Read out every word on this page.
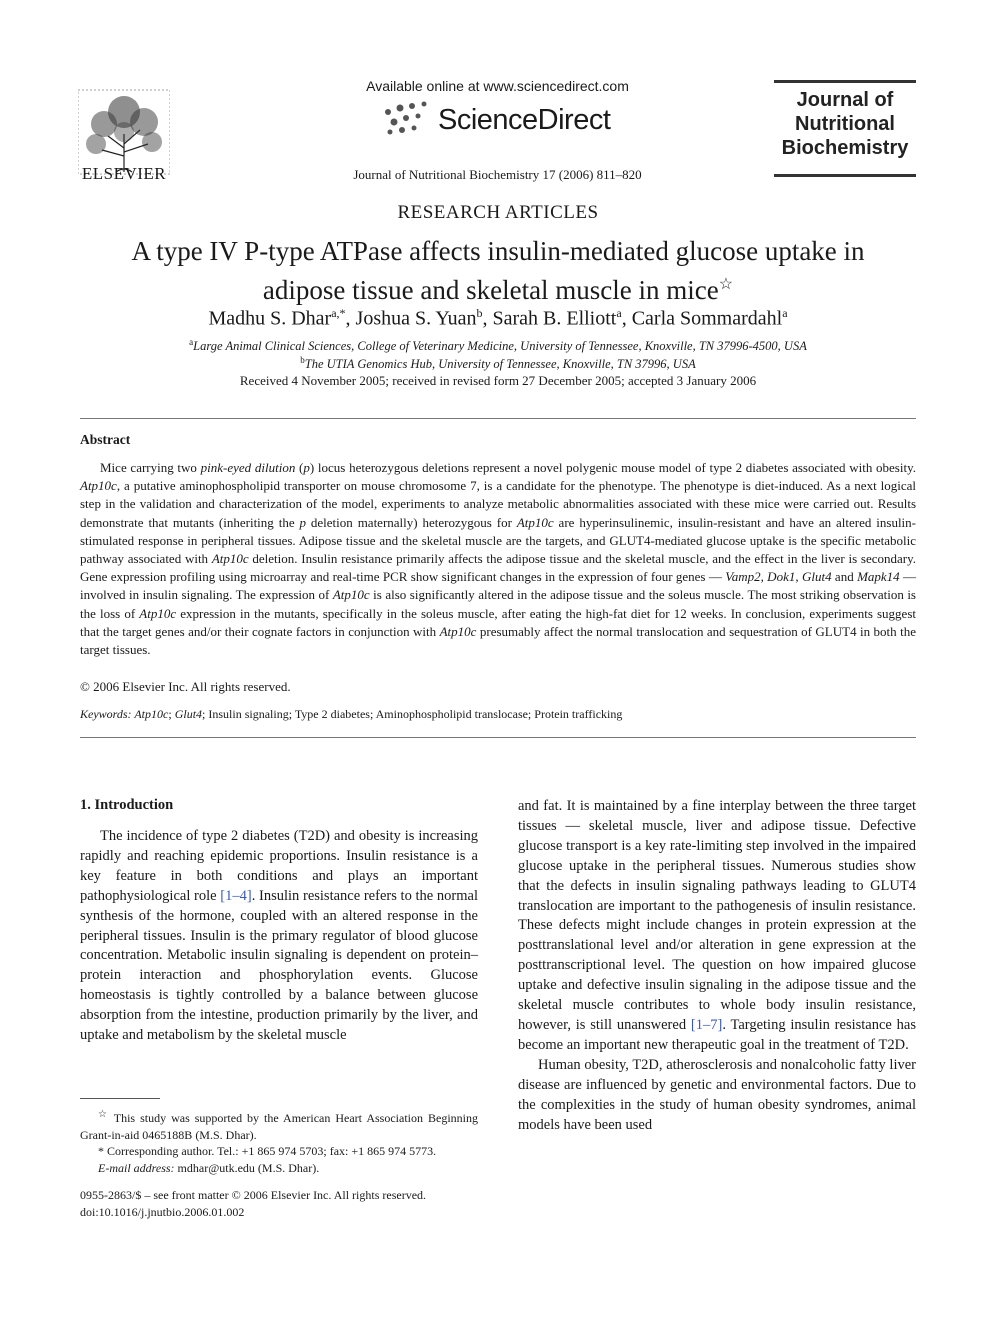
ELSEVIER
Available online at www.sciencedirect.com
ScienceDirect
Journal of Nutritional Biochemistry 17 (2006) 811–820
Journal of
Nutritional
Biochemistry
RESEARCH ARTICLES
A type IV P-type ATPase affects insulin-mediated glucose uptake in
adipose tissue and skeletal muscle in mice☆
Madhu S. Dhar$^{a,*}$, Joshua S. Yuan$^b$, Sarah B. Elliott$^a$, Carla Sommardahl$^a$
$^a$Large Animal Clinical Sciences, College of Veterinary Medicine, University of Tennessee, Knoxville, TN 37996-4500, USA
$^b$The UTIA Genomics Hub, University of Tennessee, Knoxville, TN 37996, USA
Received 4 November 2005; received in revised form 27 December 2005; accepted 3 January 2006
Abstract

Mice carrying two pink-eyed dilution (p) locus heterozygous deletions represent a novel polygenic mouse model of type 2 diabetes associated with obesity. Atp10c, a putative aminophospholipid transporter on mouse chromosome 7, is a candidate for the phenotype. The phenotype is diet-induced. As a next logical step in the validation and characterization of the model, experiments to analyze metabolic abnormalities associated with these mice were carried out. Results demonstrate that mutants (inheriting the p deletion maternally) heterozygous for Atp10c are hyperinsulinemic, insulin-resistant and have an altered insulin-stimulated response in peripheral tissues. Adipose tissue and the skeletal muscle are the targets, and GLUT4-mediated glucose uptake is the specific metabolic pathway associated with Atp10c deletion. Insulin resistance primarily affects the adipose tissue and the skeletal muscle, and the effect in the liver is secondary. Gene expression profiling using microarray and real-time PCR show significant changes in the expression of four genes — Vamp2, Dok1, Glut4 and Mapk14 — involved in insulin signaling. The expression of Atp10c is also significantly altered in the adipose tissue and the soleus muscle. The most striking observation is the loss of Atp10c expression in the mutants, specifically in the soleus muscle, after eating the high-fat diet for 12 weeks. In conclusion, experiments suggest that the target genes and/or their cognate factors in conjunction with Atp10c presumably affect the normal translocation and sequestration of GLUT4 in both the target tissues.

© 2006 Elsevier Inc. All rights reserved.
Keywords: Atp10c; Glut4; Insulin signaling; Type 2 diabetes; Aminophospholipid translocase; Protein trafficking
1. Introduction

The incidence of type 2 diabetes (T2D) and obesity is increasing rapidly and reaching epidemic proportions. Insulin resistance is a key feature in both conditions and plays an important pathophysiological role [1–4]. Insulin resistance refers to the normal synthesis of the hormone, coupled with an altered response in the peripheral tissues. Insulin is the primary regulator of blood glucose concentration. Metabolic insulin signaling is dependent on protein–protein interaction and phosphorylation events. Glucose homeostasis is tightly controlled by a balance between glucose absorption from the intestine, production primarily by the liver, and uptake and metabolism by the skeletal muscle

and fat. It is maintained by a fine interplay between the three target tissues — skeletal muscle, liver and adipose tissue. Defective glucose transport is a key rate-limiting step involved in the impaired glucose uptake in the peripheral tissues. Numerous studies show that the defects in insulin signaling pathways leading to GLUT4 translocation are important to the pathogenesis of insulin resistance. These defects might include changes in protein expression at the posttranslational level and/or alteration in gene expression at the posttranscriptional level. The question on how impaired glucose uptake and defective insulin signaling in the adipose tissue and the skeletal muscle contributes to whole body insulin resistance, however, is still unanswered [1–7]. Targeting insulin resistance has become an important new therapeutic goal in the treatment of T2D.

Human obesity, T2D, atherosclerosis and nonalcoholic fatty liver disease are influenced by genetic and environmental factors. Due to the complexities in the study of human obesity syndromes, animal models have been used

☆ This study was supported by the American Heart Association Beginning Grant-in-aid 0465188B (M.S. Dhar).
* Corresponding author. Tel.: +1 865 974 5703; fax: +1 865 974 5773.
E-mail address: mdhar@utk.edu (M.S. Dhar).
0955-2863/$ – see front matter © 2006 Elsevier Inc. All rights reserved.
doi:10.1016/j.jnutbio.2006.01.002
